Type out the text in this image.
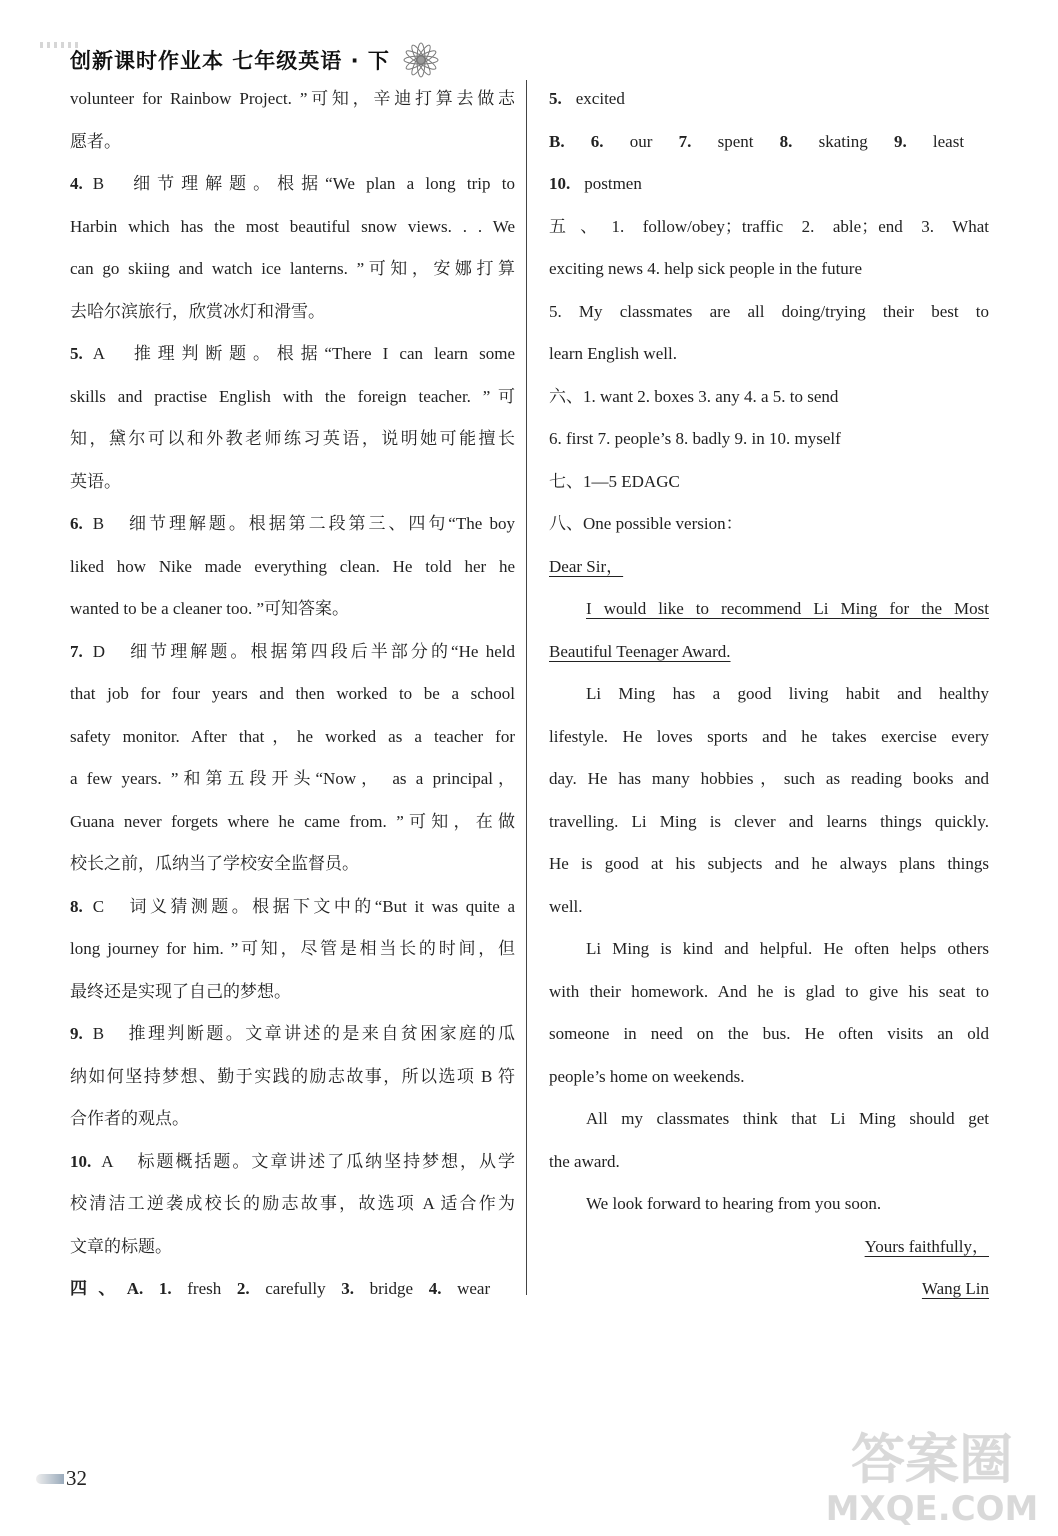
创新课时作业本 七年级英语 · 下

volunteer for Rainbow Project. ”可知，辛迪打算去做志

愿者。

4. B 细节理解题。根据“We plan a long trip to

Harbin which has the most beautiful snow views. . . We

can go skiing and watch ice lanterns. ”可知，安娜打算

去哈尔滨旅行，欣赏冰灯和滑雪。

5. A 推理判断题。根据“There I can learn some

skills and practise English with the foreign teacher. ”可

知，黛尔可以和外教老师练习英语，说明她可能擅长

英语。

6. B 细节理解题。根据第二段第三、四句“The boy

liked how Nike made everything clean. He told her he

wanted to be a cleaner too. ”可知答案。

7. D 细节理解题。根据第四段后半部分的“He held

that job for four years and then worked to be a school

safety monitor. After that，he worked as a teacher for

a few years. ”和第五段开头“Now， as a principal，

Guana never forgets where he came from. ”可知，在做

校长之前，瓜纳当了学校安全监督员。

8. C 词义猜测题。根据下文中的“But it was quite a

long journey for him. ”可知，尽管是相当长的时间，但

最终还是实现了自己的梦想。

9. B 推理判断题。文章讲述的是来自贫困家庭的瓜

纳如何坚持梦想、勤于实践的励志故事，所以选项 B 符

合作者的观点。

10. A 标题概括题。文章讲述了瓜纳坚持梦想，从学

校清洁工逆袭成校长的励志故事，故选项 A 适合作为

文章的标题。

四、A. 1. fresh 2. carefully 3. bridge 4. wear

5. excited

B. 6. our 7. spent 8. skating 9. least

10. postmen

五、1. follow/obey；traffic 2. able；end 3. What

exciting news 4. help sick people in the future

5. My classmates are all doing/trying their best to

learn English well.

六、1. want 2. boxes 3. any 4. a 5. to send

6. first 7. people’s 8. badly 9. in 10. myself

七、1—5 EDAGC

八、One possible version：

Dear Sir，

I would like to recommend Li Ming for the Most

Beautiful Teenager Award.

Li Ming has a good living habit and healthy

lifestyle. He loves sports and he takes exercise every

day. He has many hobbies，such as reading books and

travelling. Li Ming is clever and learns things quickly.

He is good at his subjects and he always plans things

well.

Li Ming is kind and helpful. He often helps others

with their homework. And he is glad to give his seat to

someone in need on the bus. He often visits an old

people’s home on weekends.

All my classmates think that Li Ming should get

the award.

We look forward to hearing from you soon.

Yours faithfully，

Wang Lin

32	答案圈
MXQE.COM
